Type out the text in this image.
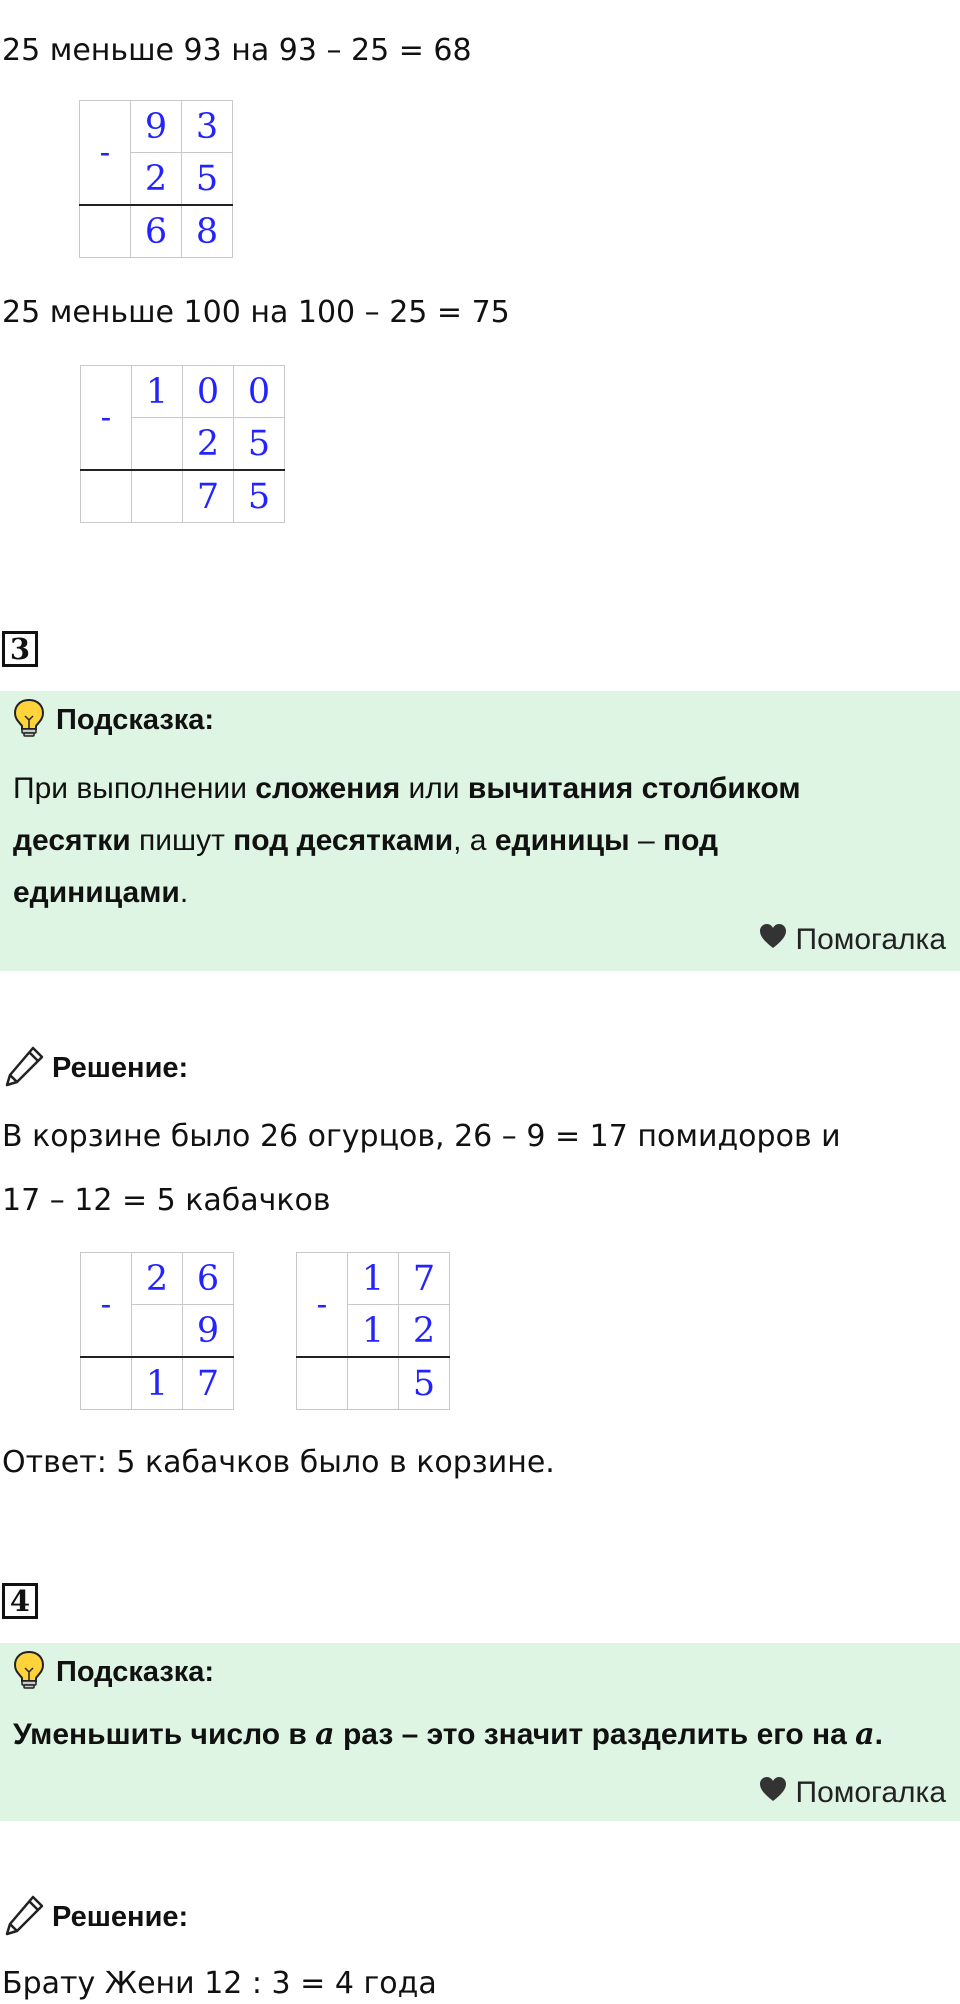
25 меньше 93 на 93 – 25 = 68
-	9	3
	2	5
	6	8
25 меньше 100 на 100 – 25 = 75
-	1	0	0
		2	5
		7	5
3
Подсказка:
При выполнении сложения или вычитания столбиком
десятки пишут под десятками, а единицы – под
единицами.
Помогалка
Решение:
В корзине было 26 огурцов, 26 – 9 = 17 помидоров и
17 – 12 = 5 кабачков
-	2	6
		9
	1	7
-	1	7
	1	2
		5
Ответ: 5 кабачков было в корзине.
4
Подсказка:
Уменьшить число в a раз – это значит разделить его на a.
Помогалка
Решение:
Брату Жени 12 : 3 = 4 года
